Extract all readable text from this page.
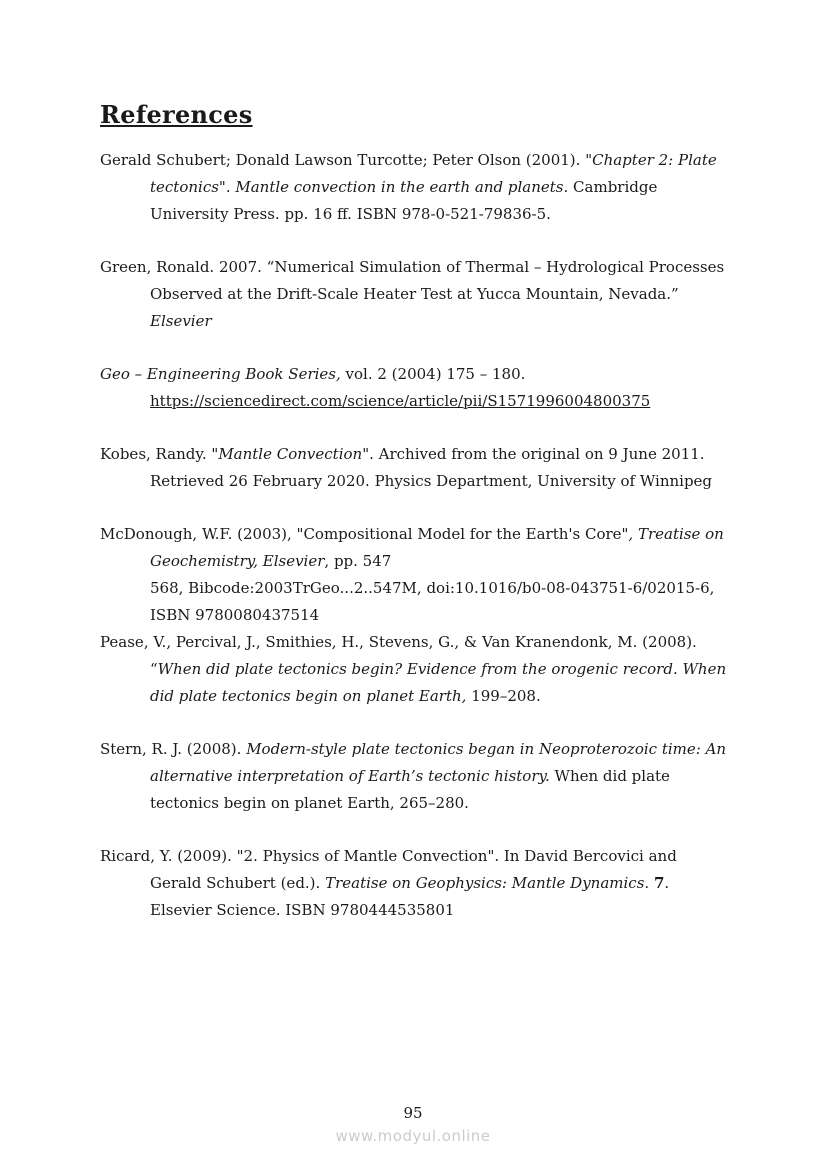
References

Gerald Schubert; Donald Lawson Turcotte; Peter Olson (2001). "Chapter 2: Plate tectonics". Mantle convection in the earth and planets. Cambridge University Press. pp. 16 ff. ISBN 978-0-521-79836-5.

Green, Ronald. 2007. “Numerical Simulation of Thermal – Hydrological Processes Observed at the Drift-Scale Heater Test at Yucca Mountain, Nevada.” Elsevier

Geo – Engineering Book Series, vol. 2 (2004) 175 – 180.
https://sciencedirect.com/science/article/pii/S1571996004800375

Kobes, Randy. "Mantle Convection". Archived from the original on 9 June 2011. Retrieved 26 February 2020. Physics Department, University of Winnipeg

McDonough, W.F. (2003), "Compositional Model for the Earth's Core", Treatise on Geochemistry, Elsevier, pp. 547
568, Bibcode:2003TrGeo...2..547M, doi:10.1016/b0-08-043751-6/02015-6, ISBN 9780080437514

Pease, V., Percival, J., Smithies, H., Stevens, G., & Van Kranendonk, M. (2008). “When did plate tectonics begin? Evidence from the orogenic record. When did plate tectonics begin on planet Earth, 199–208.

Stern, R. J. (2008). Modern-style plate tectonics began in Neoproterozoic time: An alternative interpretation of Earth’s tectonic history. When did plate tectonics begin on planet Earth, 265–280.

Ricard, Y. (2009). "2. Physics of Mantle Convection". In David Bercovici and Gerald Schubert (ed.). Treatise on Geophysics: Mantle Dynamics. 7. Elsevier Science. ISBN 9780444535801

95
www.modyul.online
